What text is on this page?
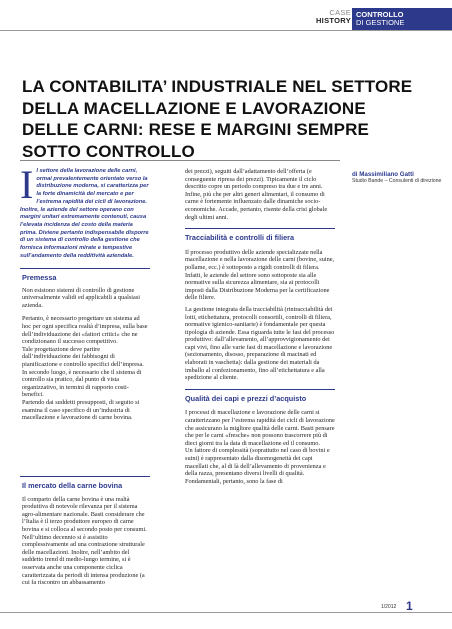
CASE
HISTORY
CONTROLLO
DI GESTIONE
LA CONTABILITA’ INDUSTRIALE NEL SETTORE DELLA MACELLAZIONE E LAVORAZIONE DELLE CARNI: RESE E MARGINI SEMPRE SOTTO CONTROLLO
di Massimiliano Gatti
Studio Bande – Consulenti di direzione
I l settore della lavorazione delle carni, ormai prevalentemente orientato verso la distribuzione moderna, si caratterizza per la forte dinamicità del mercato e per l’estrema rapidità dei cicli di lavorazione. Inoltre, le aziende del settore operano con margini unitari estremamente contenuti, causa l’elevata incidenza del costo della materia prima. Diviene pertanto indispensabile disporre di un sistema di controllo della gestione che fornisca informazioni mirate e tempestive sull’andamento della redditività aziendale.
Premessa

Non esistono sistemi di controllo di gestione universalmente validi ed applicabili a qualsiasi azienda.

Pertanto, è necessario progettare un sistema ad hoc per ogni specifica realtà d’impresa, sulla base dell’individuazione dei «fattori critici» che ne condizionano il successo competitivo.

Tale progettazione deve partire dall’individuazione dei fabbisogni di pianificazione e controllo specifici dell’impresa.

In secondo luogo, è necessario che il sistema di controllo sia pratico, dal punto di vista organizzativo, in termini di rapporto costi-benefici.

Partendo dai suddetti presupposti, di seguito si esamina il caso specifico di un’industria di macellazione e lavorazione di carne bovina.

Il mercato della carne bovina

Il comparto della carne bovina è una realtà produttiva di notevole rilevanza per il sistema agro-alimentare nazionale. Basti considerare che l’Italia è il terzo produttore europeo di carne bovina e si colloca al secondo posto per consumi.

Nell’ultimo decennio si è assistito complessivamente ad una contrazione strutturale delle macellazioni. Inoltre, nell’ambito del suddetto trend di medio-lungo termine, si è osservata anche una componente ciclica caratterizzata da periodi di intensa produzione (a cui fa riscontro un abbassamento

dei prezzi), seguiti dall’adattamento dell’offerta (e conseguente ripresa dei prezzi). Tipicamente il ciclo descritto copre un periodo compreso tra due e tre anni.

Infine, più che per altri generi alimentari, il consumo di carne è fortemente influenzato dalle dinamiche socio-economiche. Accade, pertanto, risente della crisi globale degli ultimi anni.

Tracciabilità e controlli di filiera

Il processo produttivo delle aziende specializzate nella macellazione e nella lavorazione delle carni (bovine, suine, pollame, ecc.) è sottoposto a rigidi controlli di filiera. Infatti, le aziende del settore sono sottoposte sia alle normative sulla sicurezza alimentare, sia ai protocolli imposti dalla Distribuzione Moderna per la certificazione delle filiere.

La gestione integrata della tracciabilità (rintracciabilità dei lotti, etichettatura, protocolli consortili, controlli di filiera, normative igienico-sanitarie) è fondamentale per questa tipologia di aziende. Essa riguarda tutte le fasi del processo produttivo: dall’allevamento, all’approvvigionamento dei capi vivi, fino alle varie fasi di macellazione e lavorazione (sezionamento, disosso, preparazione di macinati ed elaborati in vaschetta): dalla gestione dei materiali da imballo al confezionamento, fino all’etichettatura e alla spedizione al cliente.

Qualità dei capi e prezzi d’acquisto

I processi di macellazione e lavorazione delle carni si caratterizzano per l’estrema rapidità dei cicli di lavorazione che assicurano la migliore qualità delle carni. Basti pensare che per le carni «fresche» non possono trascorrere più di dieci giorni tra la data di macellazione ed il consumo.

Un fattore di complessità (soprattutto nel caso di bovini e suini) è rappresentato dalla disomogeneità dei capi macellati che, al di là dell’allevamento di provenienza e della razza, presentano diversi livelli di qualità. Fondamentali, pertanto, sono la fase di

1/2012 1
